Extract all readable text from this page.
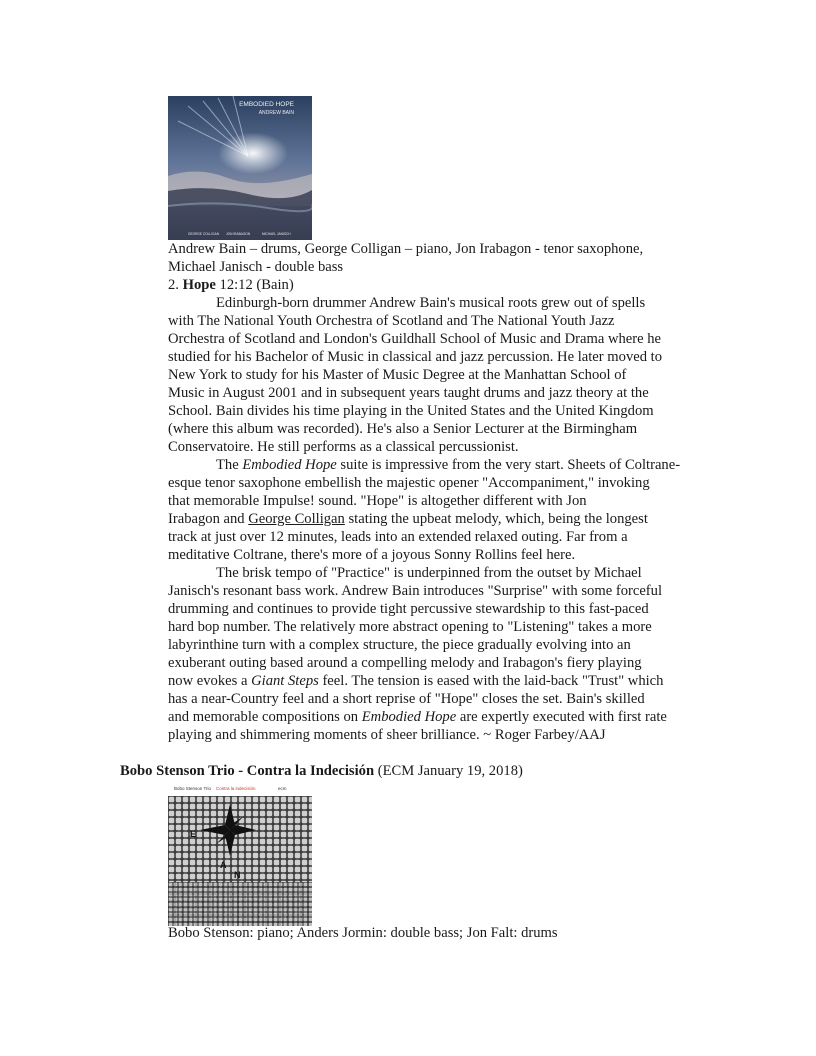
EMBODIED HOPE
ANDREW BAIN
GEORGE COLLIGAN JON IRABAGON	MICHAEL JANISCH
Andrew Bain – drums, George Colligan – piano, Jon Irabagon - tenor saxophone,
Michael Janisch - double bass
2. Hope 12:12 (Bain)
Edinburgh-born drummer Andrew Bain's musical roots grew out of spells
with The National Youth Orchestra of Scotland and The National Youth Jazz
Orchestra of Scotland and London's Guildhall School of Music and Drama where he
studied for his Bachelor of Music in classical and jazz percussion. He later moved to
New York to study for his Master of Music Degree at the Manhattan School of
Music in August 2001 and in subsequent years taught drums and jazz theory at the
School. Bain divides his time playing in the United States and the United Kingdom
(where this album was recorded). He's also a Senior Lecturer at the Birmingham
Conservatoire. He still performs as a classical percussionist.
The Embodied Hope suite is impressive from the very start. Sheets of Coltrane-
esque tenor saxophone embellish the majestic opener "Accompaniment," invoking
that memorable Impulse! sound. "Hope" is altogether different with Jon
Irabagon and George Colligan stating the upbeat melody, which, being the longest
track at just over 12 minutes, leads into an extended relaxed outing. Far from a
meditative Coltrane, there's more of a joyous Sonny Rollins feel here.
The brisk tempo of "Practice" is underpinned from the outset by Michael
Janisch's resonant bass work. Andrew Bain introduces "Surprise" with some forceful
drumming and continues to provide tight percussive stewardship to this fast-paced
hard bop number. The relatively more abstract opening to "Listening" takes a more
labyrinthine turn with a complex structure, the piece gradually evolving into an
exuberant outing based around a compelling melody and Irabagon's fiery playing
now evokes a Giant Steps feel. The tension is eased with the laid-back "Trust" which
has a near-Country feel and a short reprise of "Hope" closes the set. Bain's skilled
and memorable compositions on Embodied Hope are expertly executed with first rate
playing and shimmering moments of sheer brilliance. ~ Roger Farbey/AAJ
Bobo Stenson Trio - Contra la Indecisión (ECM January 19, 2018)
E
A
N
Bobo Stenson Trio Contra la indecisión	ecm
Bobo Stenson: piano; Anders Jormin: double bass; Jon Falt: drums
